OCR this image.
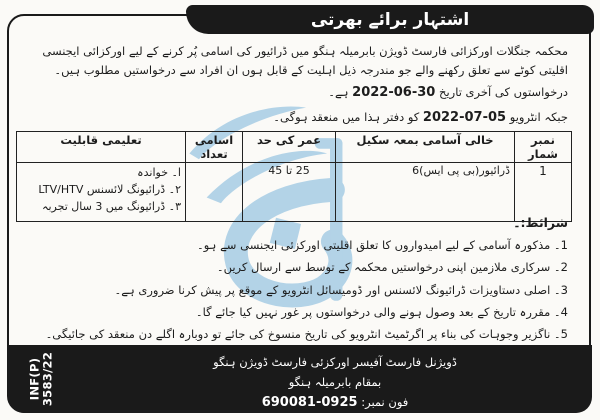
اشتہار برائے بھرتی

محکمہ جنگلات اورکزائی فارسٹ ڈویژن بابرمیلہ ہنگو میں ڈرائیور کی اسامی پُر کرنے کے لیے اورکزائی ایجنسی اقلیتی کوٹے سے تعلق رکھنے والے جو مندرجہ ذیل اہلیت کے قابل ہوں ان افراد سے درخواستیں مطلوب ہیں۔

درخواستوں کی آخری تاریخ 30-06-2022 ہے۔
جبکہ انٹرویو 05-07-2022 کو دفتر ہذا میں منعقد ہوگی۔
نمبر شمار	خالی آسامی بمعہ سکیل	عمر کی حد	اسامی تعداد	تعلیمی قابلیت
1	ڈرائیور(بی پی ایس)6	25 تا 45		ا۔ خواندہ
۲۔ ڈرائیونگ لائسنس LTV/HTV
۳۔ ڈرائیونگ میں 3 سال تجربہ
شرائط:۔
1۔ مذکورہ آسامی کے لیے امیدواروں کا تعلق اقلیتی اورکزئی ایجنسی سے ہو۔
2۔ سرکاری ملازمین اپنی درخواستیں محکمہ کے توسط سے ارسال کریں۔
3۔ اصلی دستاویزات ڈرائیونگ لائسنس اور ڈومیسائل انٹرویو کے موقع پر پیش کرنا ضروری ہے۔
4۔ مقررہ تاریخ کے بعد وصول ہونے والی درخواستوں پر غور نہیں کیا جائے گا۔
5۔ ناگزیر وجوہات کی بناء پر اگرٹمیٹ انٹرویو کی تاریخ منسوخ کی جائے تو دوبارہ اگلے دن منعقد کی جائیگی۔
ڈویژنل فارسٹ آفیسر اورکزئی فارسٹ ڈویژن ہنگو
بمقام بابرمیلہ ہنگو
فون نمبر: 0925-690081
INF(P)
3583/22
